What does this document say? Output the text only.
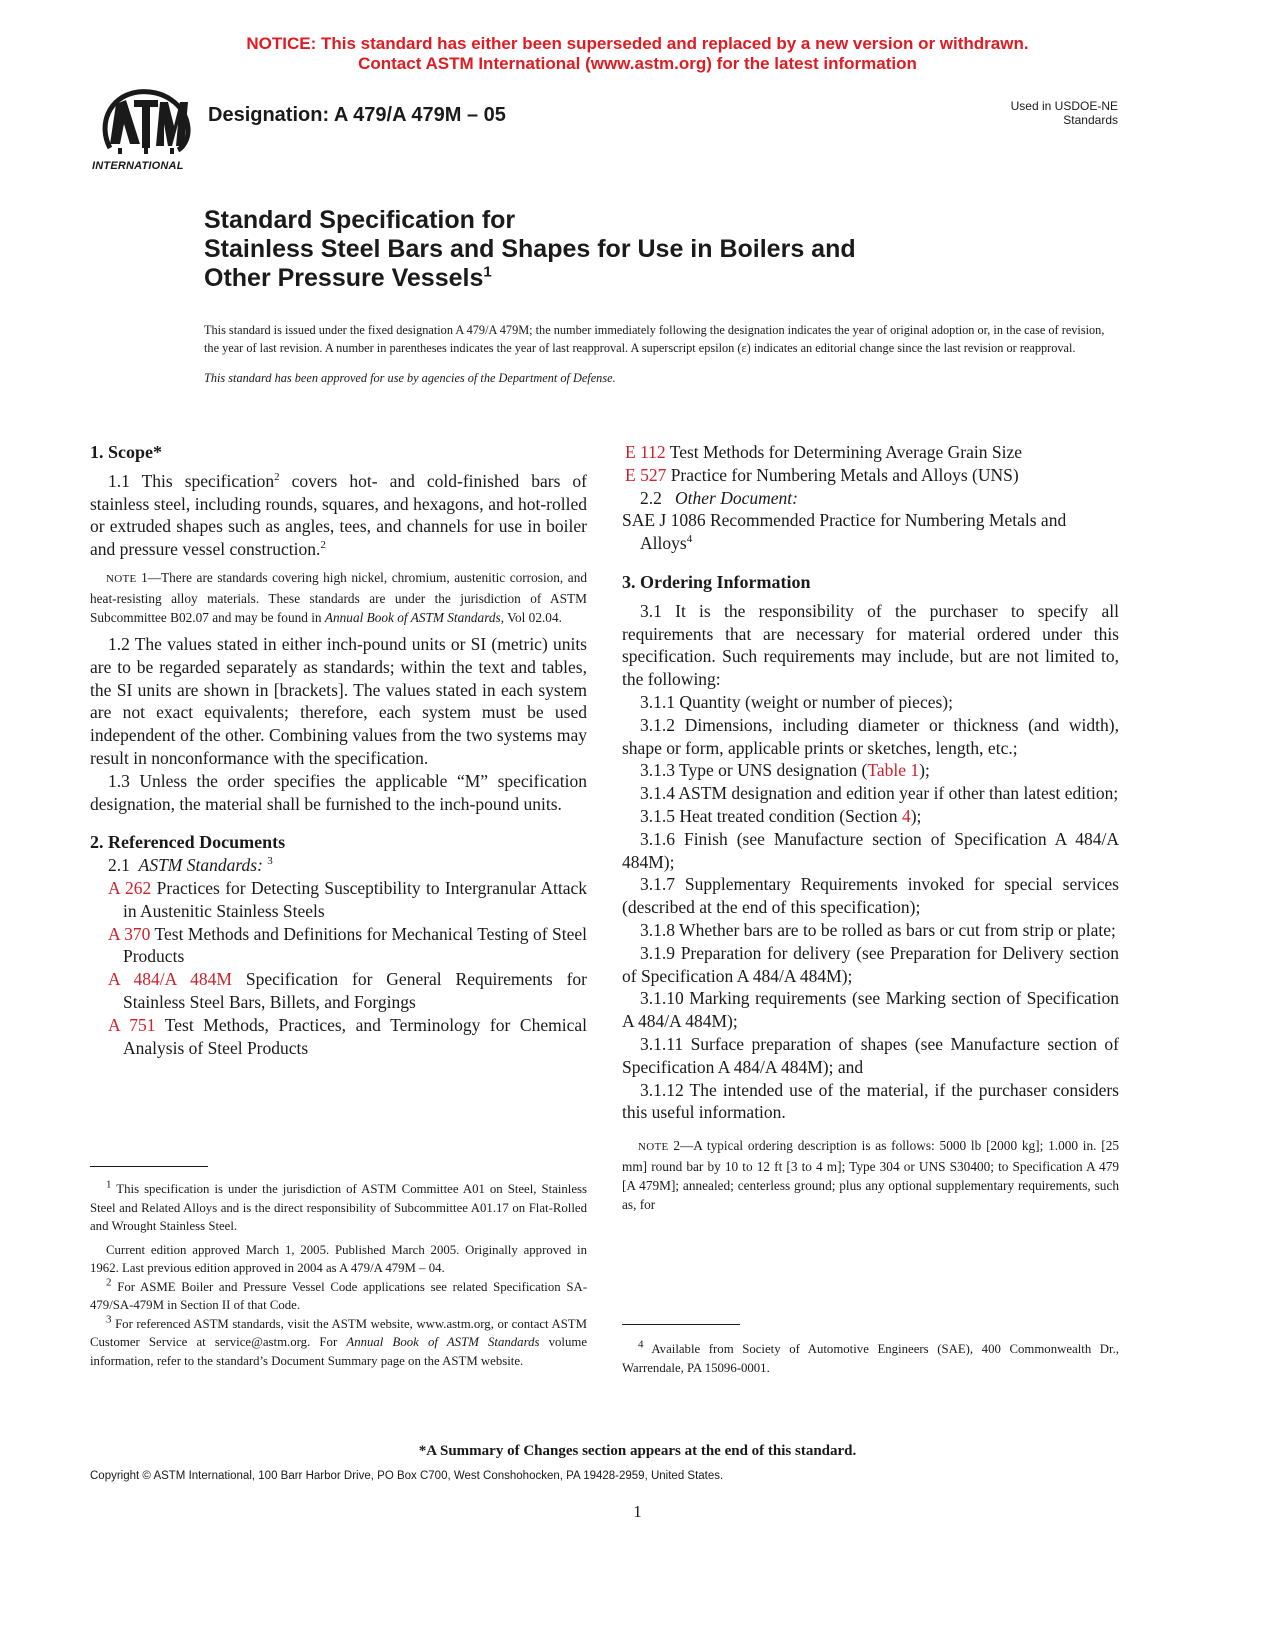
NOTICE: This standard has either been superseded and replaced by a new version or withdrawn.
Contact ASTM International (www.astm.org) for the latest information
INTERNATIONAL
Designation: A 479/A 479M – 05	Used in USDOE-NE Standards
Standard Specification for
Stainless Steel Bars and Shapes for Use in Boilers and
Other Pressure Vessels$^1$

This standard is issued under the fixed designation A 479/A 479M; the number immediately following the designation indicates the year of original adoption or, in the case of revision, the year of last revision. A number in parentheses indicates the year of last reapproval. A superscript epsilon (ε) indicates an editorial change since the last revision or reapproval.

This standard has been approved for use by agencies of the Department of Defense.

1. Scope*

1.1 This specification$^2$ covers hot- and cold-finished bars of stainless steel, including rounds, squares, and hexagons, and hot-rolled or extruded shapes such as angles, tees, and channels for use in boiler and pressure vessel construction.$^2$

NOTE 1—There are standards covering high nickel, chromium, austenitic corrosion, and heat-resisting alloy materials. These standards are under the jurisdiction of ASTM Subcommittee B02.07 and may be found in Annual Book of ASTM Standards, Vol 02.04.

1.2 The values stated in either inch-pound units or SI (metric) units are to be regarded separately as standards; within the text and tables, the SI units are shown in [brackets]. The values stated in each system are not exact equivalents; therefore, each system must be used independent of the other. Combining values from the two systems may result in nonconformance with the specification.

1.3 Unless the order specifies the applicable “M” specification designation, the material shall be furnished to the inch-pound units.

2. Referenced Documents

2.1 ASTM Standards: $^3$

A 262 Practices for Detecting Susceptibility to Intergranular Attack in Austenitic Stainless Steels

A 370 Test Methods and Definitions for Mechanical Testing of Steel Products

A 484/A 484M Specification for General Requirements for Stainless Steel Bars, Billets, and Forgings

A 751 Test Methods, Practices, and Terminology for Chemical Analysis of Steel Products

$^1$ This specification is under the jurisdiction of ASTM Committee A01 on Steel, Stainless Steel and Related Alloys and is the direct responsibility of Subcommittee A01.17 on Flat-Rolled and Wrought Stainless Steel.

Current edition approved March 1, 2005. Published March 2005. Originally approved in 1962. Last previous edition approved in 2004 as A 479/A 479M – 04.

$^2$ For ASME Boiler and Pressure Vessel Code applications see related Specification SA-479/SA-479M in Section II of that Code.

$^3$ For referenced ASTM standards, visit the ASTM website, www.astm.org, or contact ASTM Customer Service at service@astm.org. For Annual Book of ASTM Standards volume information, refer to the standard’s Document Summary page on the ASTM website.

E 112 Test Methods for Determining Average Grain Size

E 527 Practice for Numbering Metals and Alloys (UNS)

2.2 Other Document:

SAE J 1086 Recommended Practice for Numbering Metals and Alloys$^4$

3. Ordering Information

3.1 It is the responsibility of the purchaser to specify all requirements that are necessary for material ordered under this specification. Such requirements may include, but are not limited to, the following:

3.1.1 Quantity (weight or number of pieces);

3.1.2 Dimensions, including diameter or thickness (and width), shape or form, applicable prints or sketches, length, etc.;

3.1.3 Type or UNS designation (Table 1);

3.1.4 ASTM designation and edition year if other than latest edition;

3.1.5 Heat treated condition (Section 4);

3.1.6 Finish (see Manufacture section of Specification A 484/A 484M);

3.1.7 Supplementary Requirements invoked for special services (described at the end of this specification);

3.1.8 Whether bars are to be rolled as bars or cut from strip or plate;

3.1.9 Preparation for delivery (see Preparation for Delivery section of Specification A 484/A 484M);

3.1.10 Marking requirements (see Marking section of Specification A 484/A 484M);

3.1.11 Surface preparation of shapes (see Manufacture section of Specification A 484/A 484M); and

3.1.12 The intended use of the material, if the purchaser considers this useful information.

NOTE 2—A typical ordering description is as follows: 5000 lb [2000 kg]; 1.000 in. [25 mm] round bar by 10 to 12 ft [3 to 4 m]; Type 304 or UNS S30400; to Specification A 479 [A 479M]; annealed; centerless ground; plus any optional supplementary requirements, such as, for

$^4$ Available from Society of Automotive Engineers (SAE), 400 Commonwealth Dr., Warrendale, PA 15096-0001.

*A Summary of Changes section appears at the end of this standard.
Copyright © ASTM International, 100 Barr Harbor Drive, PO Box C700, West Conshohocken, PA 19428-2959, United States.
1
